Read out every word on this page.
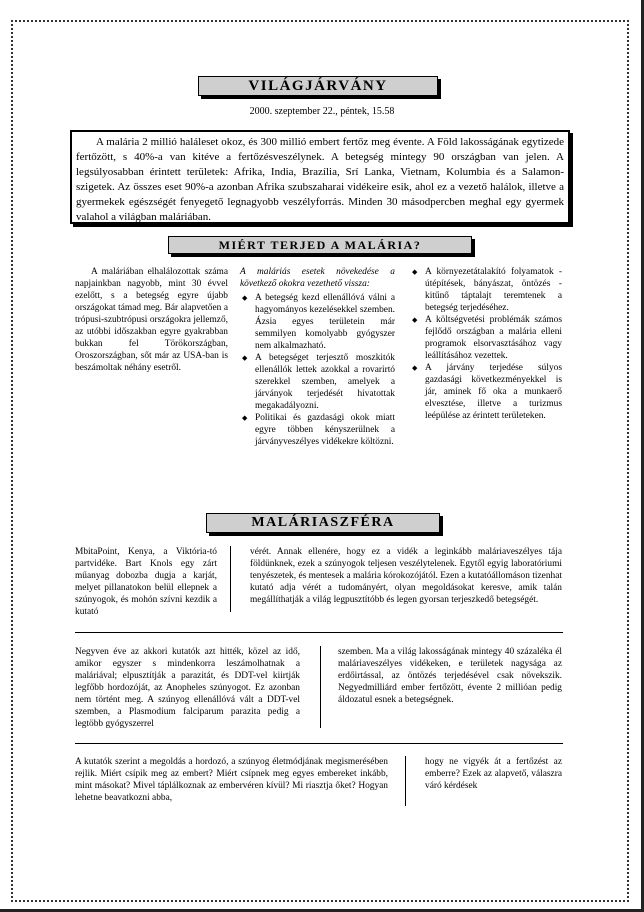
VILÁGJÁRVÁNY
2000. szeptember 22., péntek, 15.58

A malária 2 millió haláleset okoz, és 300 millió embert fertőz meg évente. A Föld lakosságának egytizede fertőzött, s 40%-a van kitéve a fertőzésveszélynek. A betegség mintegy 90 országban van jelen. A legsúlyosabban érintett területek: Afrika, India, Brazília, Srí Lanka, Vietnam, Kolumbia és a Salamon-szigetek. Az összes eset 90%-a azonban Afrika szubszaharai vidékeire esik, ahol ez a vezető halálok, illetve a gyermekek egészségét fenyegető legnagyobb veszélyforrás. Minden 30 másodpercben meghal egy gyermek valahol a világban maláriában.

MIÉRT TERJED A MALÁRIA?

A maláriában elhalálozottak száma napjainkban nagyobb, mint 30 évvel ezelőtt, s a betegség egyre újabb országokat támad meg. Bár alapvetően a trópusi-szubtrópusi országokra jellemző, az utóbbi időszakban egyre gyakrabban bukkan fel Törökországban, Oroszországban, sőt már az USA-ban is beszámoltak néhány esetről.

A maláriás esetek növekedése a következő okokra vezethető vissza:

◆ A betegség kezd ellenállóvá válni a hagyományos kezelésekkel szemben. Ázsia egyes területein már semmilyen komolyabb gyógyszer nem alkalmazható.
◆ A betegséget terjesztő moszkitók ellenállók lettek azokkal a rovarirtó szerekkel szemben, amelyek a járványok terjedését hivatottak megakadályozni.
◆ Politikai és gazdasági okok miatt egyre többen kényszerülnek a járványveszélyes vidékekre költözni.
◆ A környezetátalakító folyamatok - útépítések, bányászat, öntözés - kitűnő táptalajt teremtenek a betegség terjedéséhez.
◆ A költségvetési problémák számos fejlődő országban a malária elleni programok elsorvasztásához vagy leállításához vezettek.
◆ A járvány terjedése súlyos gazdasági következményekkel is jár, aminek fő oka a munkaerő elvesztése, illetve a turizmus leépülése az érintett területeken.
MALÁRIASZFÉRA

MbitaPoint, Kenya, a Viktória-tó partvidéke. Bart Knols egy zárt műanyag dobozba dugja a karját, melyet pillanatokon belül ellepnek a szúnyogok, és mohón szívni kezdik a kutató

vérét. Annak ellenére, hogy ez a vidék a leginkább maláriaveszélyes tája földünknek, ezek a szúnyogok teljesen veszélytelenek. Egytől egyig laboratóriumi tenyészetek, és mentesek a malária kórokozójától. Ezen a kutatóállomáson tizenhat kutató adja vérét a tudományért, olyan megoldásokat keresve, amik talán megállíthatják a világ legpusztítóbb és legen gyorsan terjeszkedő betegségét.

Negyven éve az akkori kutatók azt hitték, közel az idő, amikor egyszer s mindenkorra leszámolhatnak a maláriával; elpusztítják a parazitát, és DDT-vel kiirtják legfőbb hordozóját, az Anopheles szúnyogot. Ez azonban nem történt meg. A szúnyog ellenállóvá vált a DDT-vel szemben, a Plasmodium falciparum parazita pedig a legtöbb gyógyszerrel

szemben. Ma a világ lakosságának mintegy 40 százaléka él maláriaveszélyes vidékeken, e területek nagysága az erdőirtással, az öntözés terjedésével csak növekszik. Negyedmilliárd ember fertőzött, évente 2 millióan pedig áldozatul esnek a betegségnek.

A kutatók szerint a megoldás a hordozó, a szúnyog életmódjának megismerésében rejlik. Miért csípik meg az embert? Miért csípnek meg egyes embereket inkább, mint másokat? Mivel táplálkoznak az embervéren kívül? Mi riasztja őket? Hogyan lehetne beavatkozni abba,

hogy ne vigyék át a fertőzést az emberre? Ezek az alapvető, válaszra váró kérdések
